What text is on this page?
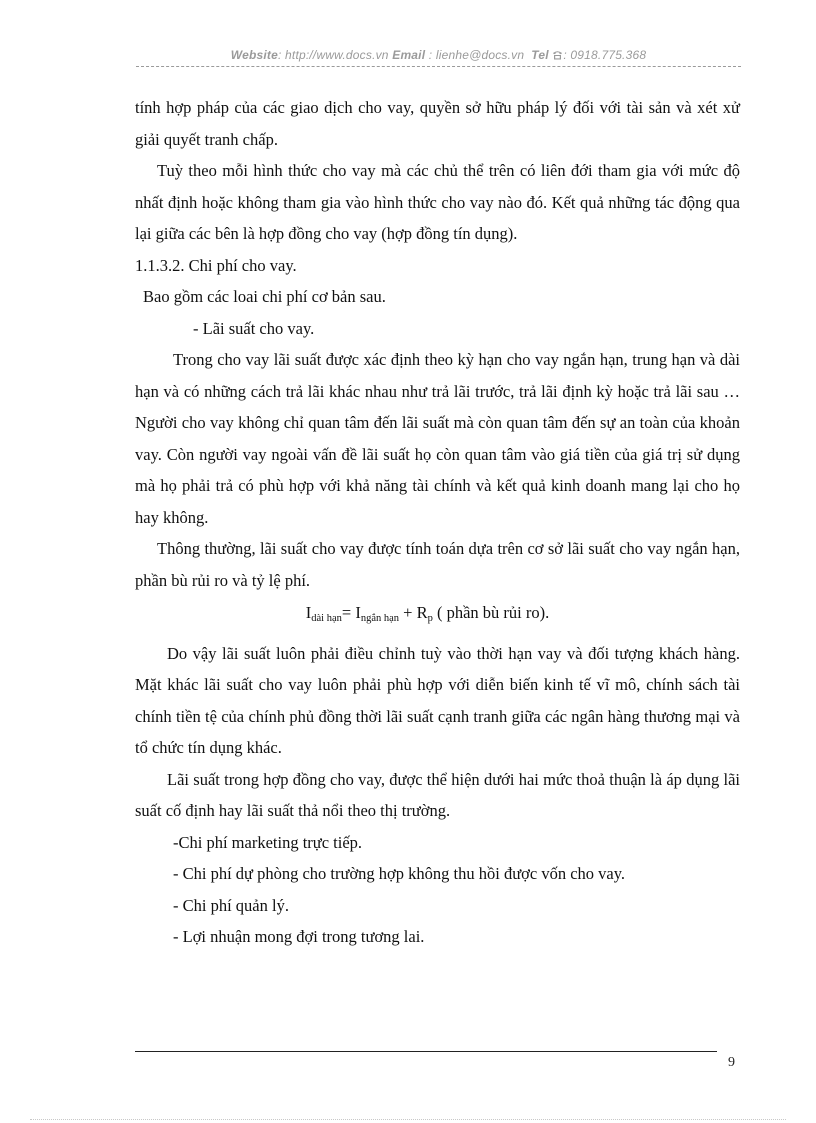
Website: http://www.docs.vn Email : lienhe@docs.vn Tel : 0918.775.368

tính hợp pháp của các giao dịch cho vay, quyền sở hữu pháp lý đối với tài sản và xét xử giải quyết tranh chấp.

Tuỳ theo mỗi hình thức cho vay mà các chủ thể trên có liên đới tham gia với mức độ nhất định hoặc không tham gia vào hình thức cho vay nào đó. Kết quả những tác động qua lại giữa các bên là hợp đồng cho vay (hợp đồng tín dụng).

1.1.3.2. Chi phí cho vay.

Bao gồm các loai chi phí cơ bản sau.

- Lãi suất cho vay.

Trong cho vay lãi suất được xác định theo kỳ hạn cho vay ngắn hạn, trung hạn và dài hạn và có những cách trả lãi khác nhau như trả lãi trước, trả lãi định kỳ hoặc trả lãi sau … Người cho vay không chỉ quan tâm đến lãi suất mà còn quan tâm đến sự an toàn của khoản vay. Còn người vay ngoài vấn đề lãi suất họ còn quan tâm vào giá tiền của giá trị sử dụng mà họ phải trả có phù hợp với khả năng tài chính và kết quả kinh doanh mang lại cho họ hay không.

Thông thường, lãi suất cho vay được tính toán dựa trên cơ sở lãi suất cho vay ngắn hạn, phần bù rủi ro và tỷ lệ phí.

$I_{dài hạn}= I_{ngắn hạn} + R_p$ ( phần bù rủi ro).

Do vậy lãi suất luôn phải điều chỉnh tuỳ vào thời hạn vay và đối tượng khách hàng. Mặt khác lãi suất cho vay luôn phải phù hợp với diễn biến kinh tế vĩ mô, chính sách tài chính tiền tệ của chính phủ đồng thời lãi suất cạnh tranh giữa các ngân hàng thương mại và tổ chức tín dụng khác.

Lãi suất trong hợp đồng cho vay, được thể hiện dưới hai mức thoả thuận là áp dụng lãi suất cố định hay lãi suất thả nổi theo thị trường.

-Chi phí marketing trực tiếp.

- Chi phí dự phòng cho trường hợp không thu hồi được vốn cho vay.

- Chi phí quản lý.

- Lợi nhuận mong đợi trong tương lai.

9
